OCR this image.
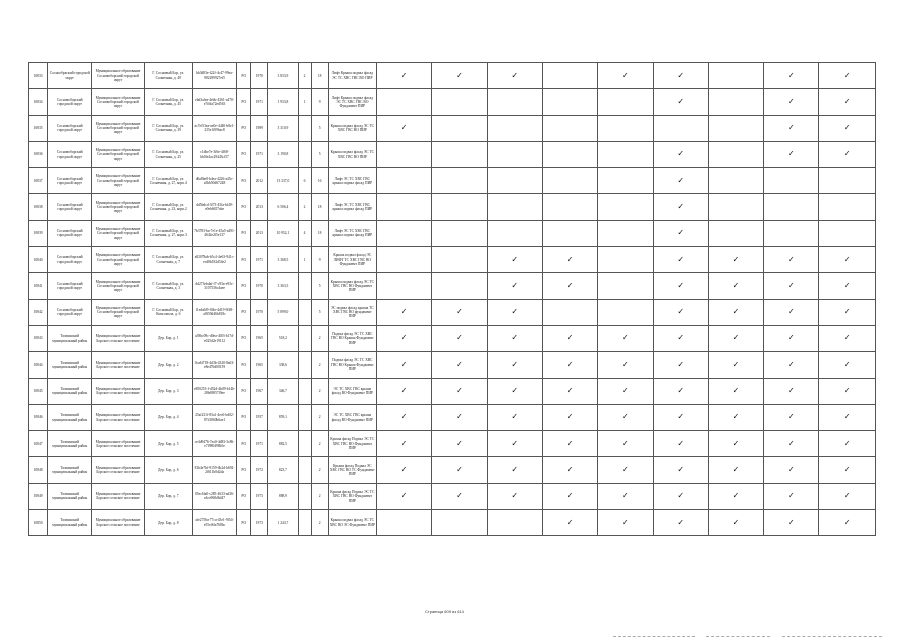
10833	Соснообраский городской округ	Муниципальное образование Сосновоборский городской округ	Г. Сосновый Бор, ул. Солнечная, д. 49	bb3d83e-f22f-4c47-99ea-982299927ef5	РО	1970	3 833,9	2	18	Лифт Крыша подвал фасад ЭС ТС ХВС ГВС ВО ПИР	✓	✓	✓		✓	✓		✓	✓
10834	Сосновоборский городской округ	Муниципальное образование Сосновоборский городской округ	Г. Сосновый Бор, ул. Солнечная, д. 45	ebd3afea-4ebb-4361-a470-e7ffda72ed563	РО	1971	1 933,8	1	9	Лифт Крыша подвал фасад ЭС ТС ХВС ГВС ВО Фундамент ПИР						✓		✓	✓
10835	Сосновоборский городской округ	Муниципальное образование Сосновоборский городской округ	Г. Сосновый Бор, ул. Солнечная, д. 39	ac7ef53ea-ae0e-4440-b8e1-235e1f09bac8	РО	1989	3 310,9		5	Крыша подвал фасад ЭС ТС ХВС ГВС ВО ПИР	✓							✓	✓
10836	Сосновоборский городской округ	Муниципальное образование Сосновоборский городской округ	Г. Сосновый Бор, ул. Солнечная, д. 25	c1dbe7e-3f6e-4f68-bb0fe2ac29443cf57	РО	1971	3 190,8		5	Крыша подвал фасад ЭС ТС ХВС ГВС ВО ПИР						✓		✓	✓
10837	Сосновоборский городской округ	Муниципальное образование Сосновоборский городской округ	Г. Сосновый Бор, ул. Солнечная, д. 27, корп.4	d6a8be8-b4ea-4226-a45c-a5bb50d67248	РО	2012	13 337,0	6	16	Лифт ЭС ТС ХВС ГВС крыша подвал фасад ПИР						✓			
10838	Сосновоборский городской округ	Муниципальное образование Сосновоборский городской округ	Г. Сосновый Бор, ул. Солнечная, д. 23, корп.2	dd5bdcd-3f73-45fa-bf49-e0eb6657abe	РО	2013	6 506,4	2	18	Лифт ЭС ТС ХВС ГВС крыша подвал фасад ПИР						✓			
10839	Сосновоборский городской округ	Муниципальное образование Сосновоборский городской округ	Г. Сосновый Бор, ул. Солнечная, д. 27, корп.3	7b3783-ba-7e1e-45a5-a491-4642e2f5e137	РО	2013	10 952,1	4	18	Лифт ЭС ТС ХВС ГВС крыша подвал фасад ПИР						✓			
10840	Сосновоборский городской округ	Муниципальное образование Сосновоборский городской округ	Г. Сосновый Бор, ул. Солнечная, д. 7	a82078ab-b5c4-4e63-941c-ecd8b182d54e2	РО	1971	3 368,5	1	9	Крыша подвал фасад ЭС ЛИФТ ТС ХВС ГВС ВО Фундамент ПИР			✓	✓		✓	✓	✓	✓
10841	Сосновоборский городской округ	Муниципальное образование Сосновоборский городской округ	Г. Сосновый Бор, ул. Солнечная, д. 3	dd273ebdaf-f7-c93a-e93c-3107536c4aee	РО	1970	3 363,5		5	Крыша подвал фасад ЭС ТС ХВС ГВС ВО Фундамент ПИР			✓	✓		✓	✓	✓	✓
10842	Сосновоборский городской округ	Муниципальное образование Сосновоборский городской округ	Г. Сосновый Бор, ул. Комсомола, д. 6	f1eda6f9-f04e-4d19-9f48-a8f59d46b818c	РО	1970	5 899,0		5	ЭС подвал фасад крыша ТС ХВС ГВС ВО фундамент ПИР	✓	✓	✓			✓	✓	✓	✓
10843	Тихвинский муниципальный район	Муниципальное образование Борское сельское поселение	Дер. Бор, д. 1	a39bc09c-d0ea-40f3-b17d-e025d2e19112	РО	1965	518,2		2	Подвал фасад ЭС ТС ХВС ГВС ВО Крыша Фундамент ПИР	✓	✓	✓	✓	✓	✓	✓	✓	✓
10844	Тихвинский муниципальный район	Муниципальное образование Борское сельское поселение	Дер. Бор, д. 2	0ca6f718-4d3b-4320-8a63-e8e476d00159	РО	1965	338,6		2	Подвал фасад ЭС ТС ХВС ГВС ВО Крыша Фундамент ПИР	✓	✓	✓	✓	✓	✓	✓	✓	✓
10845	Тихвинский муниципальный район	Муниципальное образование Борское сельское поселение	Дер. Бор, д. 3	e850253-f-d52d-4b09-b14b-28b69857f9ee	РО	1967	346,7		2	ЭС ТС ХВС ГВС крыша фасад ВО Фундамент ПИР	✓	✓	✓	✓	✓	✓	✓	✓	✓
10846	Тихвинский муниципальный район	Муниципальное образование Борское сельское поселение	Дер. Бор, д. 4	25af231f-83a1-4ec6-bd02-87d1860b6ae1	РО	1957	859,1		2	ЭС ТС ХВС ГВС крыша фасад ВО Фундамент ПИР	✓	✓	✓	✓	✓	✓	✓	✓	✓
10847	Тихвинский муниципальный район	Муниципальное образование Борское сельское поселение	Дер. Бор, д. 5	ce4d9476-7ea0-4d83-3c86-e7f980498b5e	РО	1971	882,5		2	Крыша фасад Подвал ЭС ТС ХВС ГВС ВО Фундамент ПИР	✓	✓	✓	✓	✓	✓	✓	✓	✓
10848	Тихвинский муниципальный район	Муниципальное образование Борское сельское поселение	Дер. Бор, д. 6	81b4e7bf-9159-4b2d-b692-2f611b0d2da	РО	1972	823,7		2	Крыша фасад Подвал ЭС ХВС ГВС ВО ТС Фундамент ПИР	✓	✓	✓	✓	✓	✓	✓	✓	✓
10849	Тихвинский муниципальный район	Муниципальное образование Борское сельское поселение	Дер. Бор, д. 7	05ec6fa0-c285-4633-ad36-e4ce968d6d47	РО	1973	888,9		2	Крыша фасад Подвал ЭС ТС ХВС ГВС ВО Фундамент ПИР	✓	✓	✓	✓	✓	✓	✓	✓	✓
10850	Тихвинский муниципальный район	Муниципальное образование Борское сельское поселение	Дер. Бор, д. 8	afe2756a-77ca-45e1-9f54-e55ef6fa768bc	РО	1973	1 243,7		2	Крыша подвал фасад ЭС ТС ХВС ВО ЭС Фундамент ПИР				✓	✓	✓	✓	✓	✓
Страница 609 из 614
